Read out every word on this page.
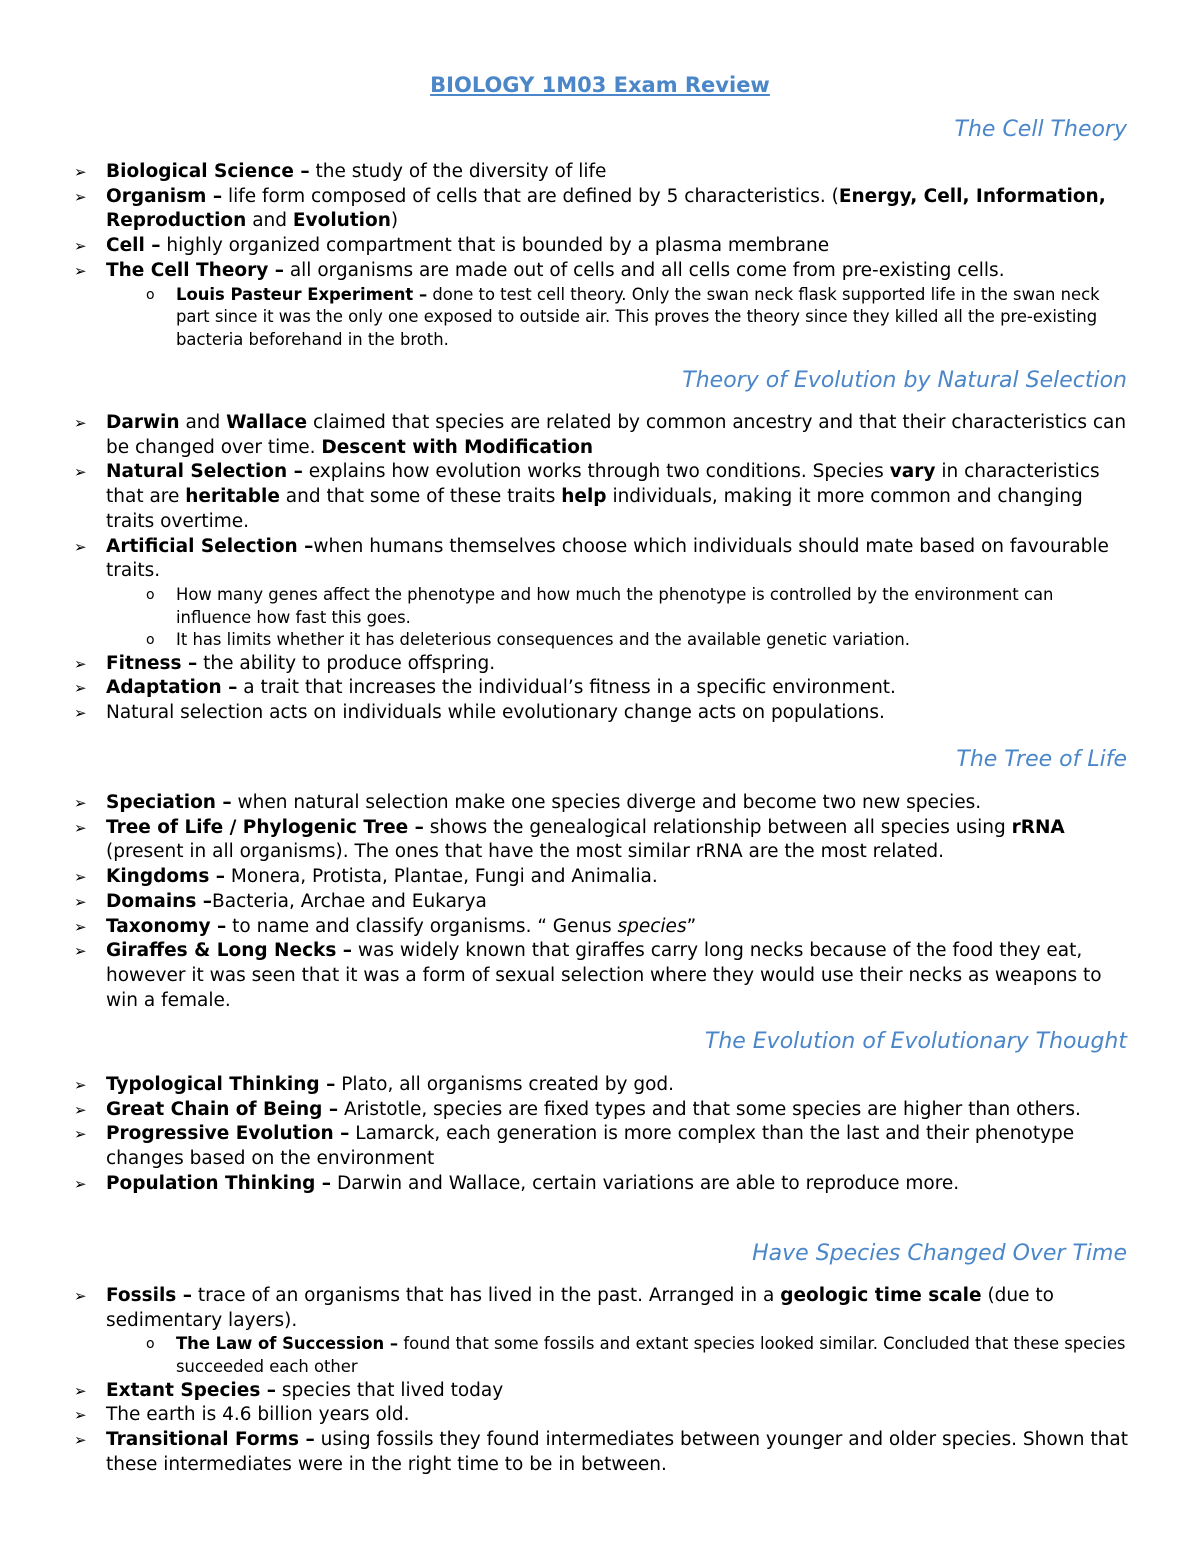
BIOLOGY 1M03 Exam Review
The Cell Theory
➢ Biological Science – the study of the diversity of life
➢ Organism – life form composed of cells that are defined by 5 characteristics. (Energy, Cell, Information, Reproduction and Evolution)
➢ Cell – highly organized compartment that is bounded by a plasma membrane
➢ The Cell Theory – all organisms are made out of cells and all cells come from pre-existing cells.
o Louis Pasteur Experiment – done to test cell theory. Only the swan neck flask supported life in the swan neck part since it was the only one exposed to outside air. This proves the theory since they killed all the pre-existing bacteria beforehand in the broth.
Theory of Evolution by Natural Selection
➢ Darwin and Wallace claimed that species are related by common ancestry and that their characteristics can be changed over time. Descent with Modification
➢ Natural Selection – explains how evolution works through two conditions. Species vary in characteristics that are heritable and that some of these traits help individuals, making it more common and changing traits overtime.
➢ Artificial Selection –when humans themselves choose which individuals should mate based on favourable traits.
o How many genes affect the phenotype and how much the phenotype is controlled by the environment can influence how fast this goes.
o It has limits whether it has deleterious consequences and the available genetic variation.
➢ Fitness – the ability to produce offspring.
➢ Adaptation – a trait that increases the individual’s fitness in a specific environment.
➢ Natural selection acts on individuals while evolutionary change acts on populations.
The Tree of Life
➢ Speciation – when natural selection make one species diverge and become two new species.
➢ Tree of Life / Phylogenic Tree – shows the genealogical relationship between all species using rRNA (present in all organisms). The ones that have the most similar rRNA are the most related.
➢ Kingdoms – Monera, Protista, Plantae, Fungi and Animalia.
➢ Domains –Bacteria, Archae and Eukarya
➢ Taxonomy – to name and classify organisms. “ Genus species”
➢ Giraffes & Long Necks – was widely known that giraffes carry long necks because of the food they eat, however it was seen that it was a form of sexual selection where they would use their necks as weapons to win a female.
The Evolution of Evolutionary Thought
➢ Typological Thinking – Plato, all organisms created by god.
➢ Great Chain of Being – Aristotle, species are fixed types and that some species are higher than others.
➢ Progressive Evolution – Lamarck, each generation is more complex than the last and their phenotype changes based on the environment
➢ Population Thinking – Darwin and Wallace, certain variations are able to reproduce more.
Have Species Changed Over Time
➢ Fossils – trace of an organisms that has lived in the past. Arranged in a geologic time scale (due to sedimentary layers).
o The Law of Succession – found that some fossils and extant species looked similar. Concluded that these species succeeded each other
➢ Extant Species – species that lived today
➢ The earth is 4.6 billion years old.
➢ Transitional Forms – using fossils they found intermediates between younger and older species. Shown that these intermediates were in the right time to be in between.
